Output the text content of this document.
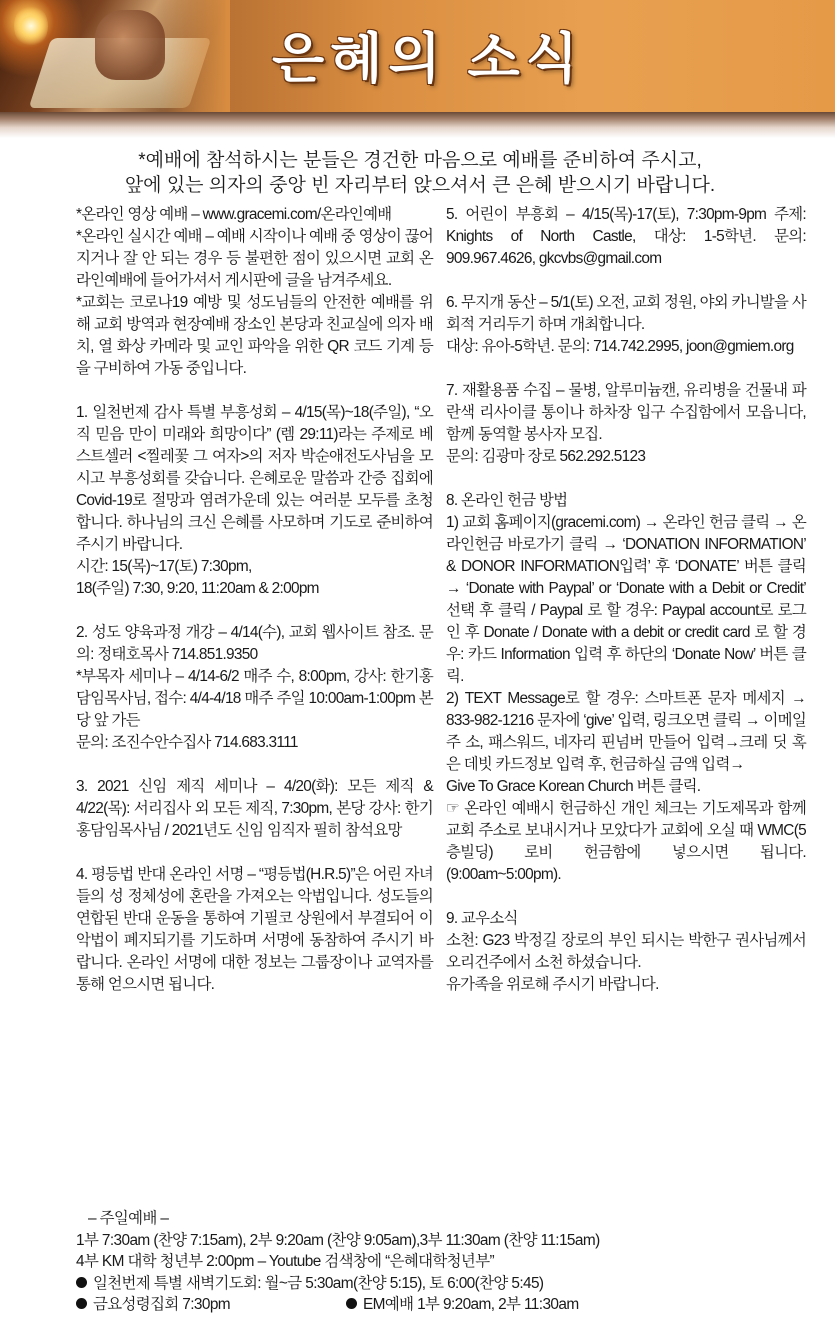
은혜의 소식
*예배에 참석하시는 분들은 경건한 마음으로 예배를 준비하여 주시고,
앞에 있는 의자의 중앙 빈 자리부터 앉으셔서 큰 은혜 받으시기 바랍니다.

*온라인 영상 예배 – www.gracemi.com/온라인예배
*온라인 실시간 예배 – 예배 시작이나 예배 중 영상이 끊어지거나 잘 안 되는 경우 등 불편한 점이 있으시면 교회 온라인예배에 들어가셔서 게시판에 글을 남겨주세요.
*교회는 코로나19 예방 및 성도님들의 안전한 예배를 위해 교회 방역과 현장예배 장소인 본당과 친교실에 의자 배치, 열 화상 카메라 및 교인 파악을 위한 QR 코드 기계 등을 구비하여 가동 중입니다.

1. 일천번제 감사 특별 부흥성회 – 4/15(목)~18(주일), “오직 믿음 만이 미래와 희망이다” (렘 29:11)라는 주제로 베스트셀러 <찔레꽃 그 여자>의 저자 박순애전도사님을 모시고 부흥성회를 갖습니다. 은혜로운 말씀과 간증 집회에 Covid-19로 절망과 염려가운데 있는 여러분 모두를 초청합니다. 하나님의 크신 은혜를 사모하며 기도로 준비하여 주시기 바랍니다.
시간: 15(목)~17(토) 7:30pm,
18(주일) 7:30, 9:20, 11:20am & 2:00pm

2. 성도 양육과정 개강 – 4/14(수), 교회 웹사이트 참조. 문의: 정태호목사 714.851.9350
*부목자 세미나 – 4/14-6/2 매주 수, 8:00pm, 강사: 한기홍담임목사님, 접수: 4/4-4/18 매주 주일 10:00am-1:00pm 본당 앞 가든
문의: 조진수안수집사 714.683.3111

3. 2021 신임 제직 세미나 – 4/20(화): 모든 제직 & 4/22(목): 서리집사 외 모든 제직, 7:30pm, 본당 강사: 한기홍담임목사님 / 2021년도 신임 임직자 필히 참석요망

4. 평등법 반대 온라인 서명 – “평등법(H.R.5)”은 어린 자녀들의 성 정체성에 혼란을 가져오는 악법입니다. 성도들의 연합된 반대 운동을 통하여 기필코 상원에서 부결되어 이 악법이 폐지되기를 기도하며 서명에 동참하여 주시기 바랍니다. 온라인 서명에 대한 정보는 그룹장이나 교역자를 통해 얻으시면 됩니다.

5. 어린이 부흥회 – 4/15(목)-17(토), 7:30pm-9pm 주제: Knights of North Castle, 대상: 1-5학년. 문의: 909.967.4626, gkcvbs@gmail.com

6. 무지개 동산 – 5/1(토) 오전, 교회 정원, 야외 카니발을 사회적 거리두기 하며 개최합니다.
대상: 유아-5학년. 문의: 714.742.2995, joon@gmiem.org

7. 재활용품 수집 – 물병, 알루미늄캔, 유리병을 건물내 파란색 리사이클 통이나 하차장 입구 수집함에서 모읍니다, 함께 동역할 봉사자 모집.
문의: 김광마 장로 562.292.5123

8. 온라인 헌금 방법
1) 교회 홈페이지(gracemi.com) → 온라인 헌금 클릭 → 온라인헌금 바로가기 클릭 → ‘DONATION INFORMATION’ & DONOR INFORMATION입력’ 후 ‘DONATE’ 버튼 클릭 → ‘Donate with Paypal’ or ‘Donate with a Debit or Credit’ 선택 후 클릭 / Paypal 로 할 경우: Paypal account로 로그인 후 Donate / Donate with a debit or credit card 로 할 경우: 카드 Information 입력 후 하단의 ‘Donate Now’ 버튼 클릭.
2) TEXT Message로 할 경우: 스마트폰 문자 메세지 → 833-982-1216 문자에 ‘give’ 입력, 링크오면 클릭 → 이메일 주 소, 패스워드, 네자리 핀넘버 만들어 입력→크레 딧 혹은 데빗 카드정보 입력 후, 헌금하실 금액 입력→
Give To Grace Korean Church 버튼 클릭.
☞ 온라인 예배시 헌금하신 개인 체크는 기도제목과 함께 교회 주소로 보내시거나 모았다가 교회에 오실 때 WMC(5층빌딩) 로비 헌금함에 넣으시면 됩니다. (9:00am~5:00pm).

9. 교우소식
소천: G23 박정길 장로의 부인 되시는 박한구 권사님께서 오리건주에서 소천 하셨습니다.
유가족을 위로해 주시기 바랍니다.

– 주일예배 –
1부 7:30am (찬양 7:15am), 2부 9:20am (찬양 9:05am),3부 11:30am (찬양 11:15am)
4부 KM 대학 청년부 2:00pm – Youtube 검색창에 “은혜대학청년부”
일천번제 특별 새벽기도회: 월~금 5:30am(찬양 5:15), 토 6:00(찬양 5:45)
금요성령집회 7:30pm	EM예배 1부 9:20am, 2부 11:30am
